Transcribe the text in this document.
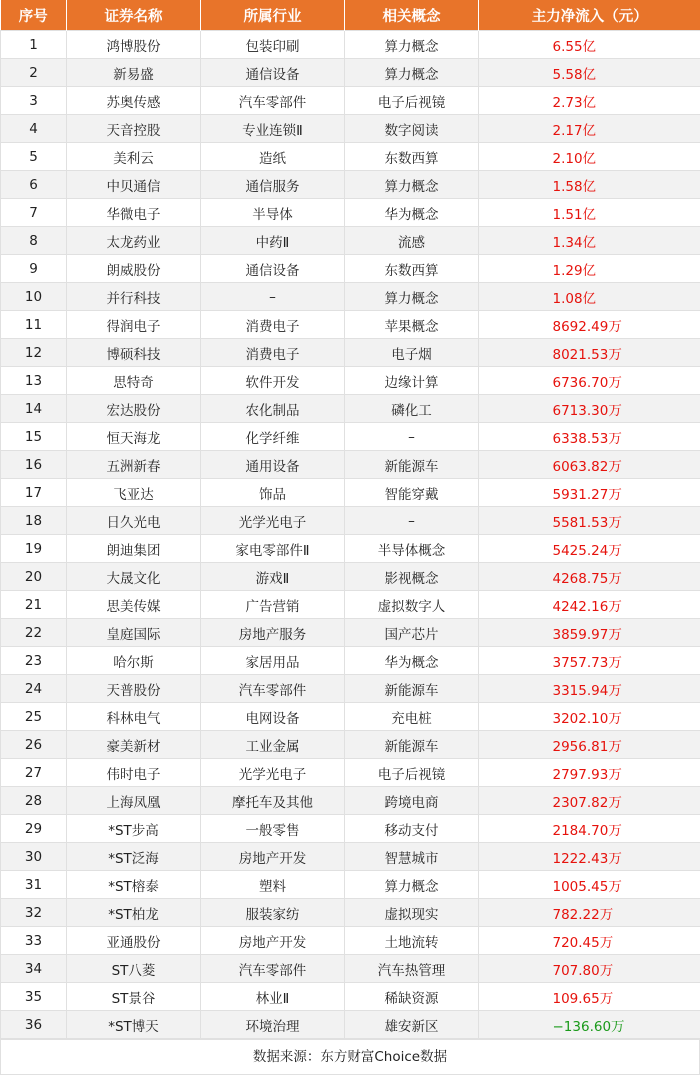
序号	证券名称	所属行业	相关概念	主力净流入（元）
1	鸿博股份	包装印刷	算力概念	6.55亿
2	新易盛	通信设备	算力概念	5.58亿
3	苏奥传感	汽车零部件	电子后视镜	2.73亿
4	天音控股	专业连锁Ⅱ	数字阅读	2.17亿
5	美利云	造纸	东数西算	2.10亿
6	中贝通信	通信服务	算力概念	1.58亿
7	华微电子	半导体	华为概念	1.51亿
8	太龙药业	中药Ⅱ	流感	1.34亿
9	朗威股份	通信设备	东数西算	1.29亿
10	并行科技	–	算力概念	1.08亿
11	得润电子	消费电子	苹果概念	8692.49万
12	博硕科技	消费电子	电子烟	8021.53万
13	思特奇	软件开发	边缘计算	6736.70万
14	宏达股份	农化制品	磷化工	6713.30万
15	恒天海龙	化学纤维	–	6338.53万
16	五洲新春	通用设备	新能源车	6063.82万
17	飞亚达	饰品	智能穿戴	5931.27万
18	日久光电	光学光电子	–	5581.53万
19	朗迪集团	家电零部件Ⅱ	半导体概念	5425.24万
20	大晟文化	游戏Ⅱ	影视概念	4268.75万
21	思美传媒	广告营销	虚拟数字人	4242.16万
22	皇庭国际	房地产服务	国产芯片	3859.97万
23	哈尔斯	家居用品	华为概念	3757.73万
24	天普股份	汽车零部件	新能源车	3315.94万
25	科林电气	电网设备	充电桩	3202.10万
26	豪美新材	工业金属	新能源车	2956.81万
27	伟时电子	光学光电子	电子后视镜	2797.93万
28	上海凤凰	摩托车及其他	跨境电商	2307.82万
29	*ST步高	一般零售	移动支付	2184.70万
30	*ST泛海	房地产开发	智慧城市	1222.43万
31	*ST榕泰	塑料	算力概念	1005.45万
32	*ST柏龙	服装家纺	虚拟现实	782.22万
33	亚通股份	房地产开发	土地流转	720.45万
34	ST八菱	汽车零部件	汽车热管理	707.80万
35	ST景谷	林业Ⅱ	稀缺资源	109.65万
36	*ST博天	环境治理	雄安新区	−136.60万
数据来源：东方财富Choice数据
